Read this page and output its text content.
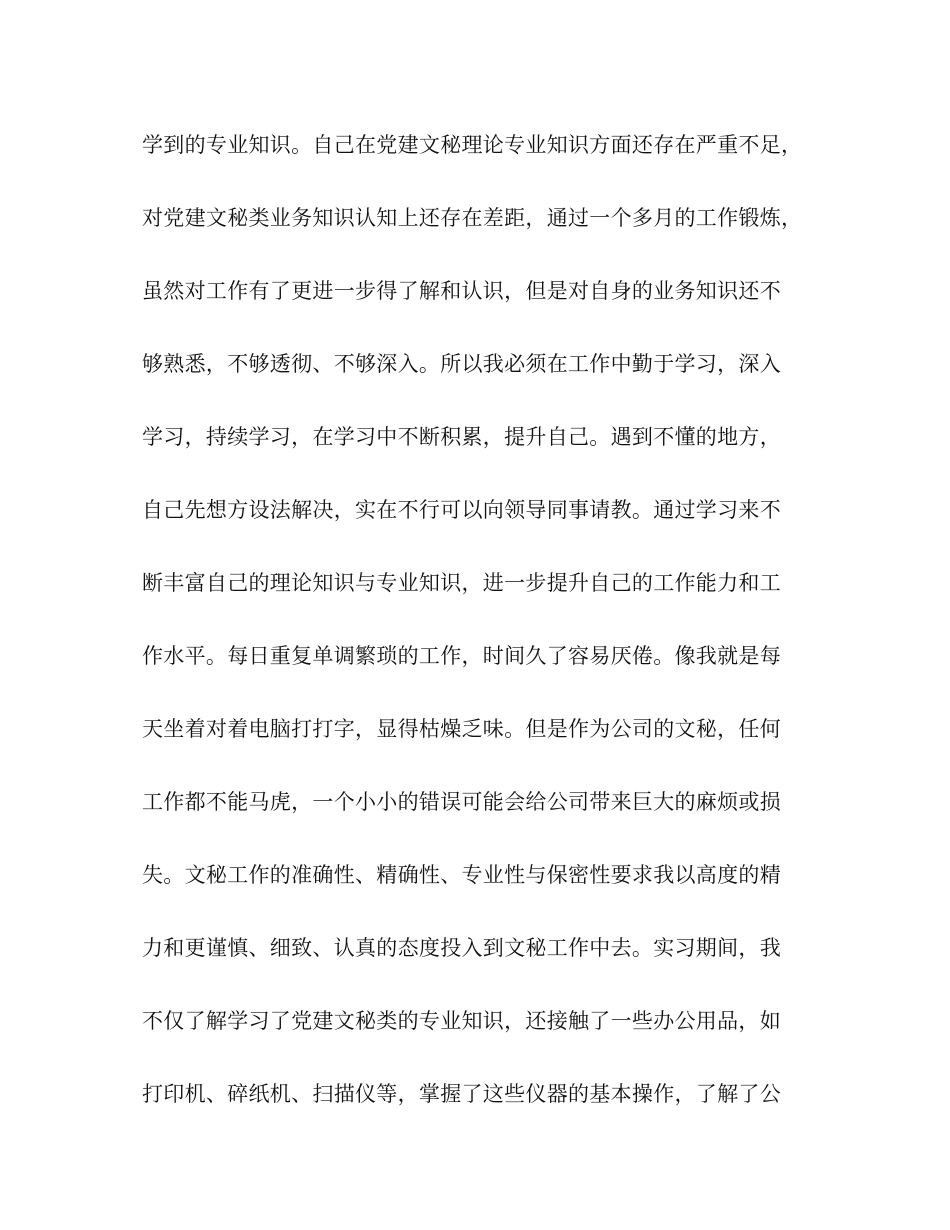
学到的专业知识。自己在党建文秘理论专业知识方面还存在严重不足，
对党建文秘类业务知识认知上还存在差距，通过一个多月的工作锻炼，
虽然对工作有了更进一步得了解和认识，但是对自身的业务知识还不
够熟悉，不够透彻、不够深入。所以我必须在工作中勤于学习，深入
学习，持续学习，在学习中不断积累，提升自己。遇到不懂的地方，
自己先想方设法解决，实在不行可以向领导同事请教。通过学习来不
断丰富自己的理论知识与专业知识，进一步提升自己的工作能力和工
作水平。每日重复单调繁琐的工作，时间久了容易厌倦。像我就是每
天坐着对着电脑打打字，显得枯燥乏味。但是作为公司的文秘，任何
工作都不能马虎，一个小小的错误可能会给公司带来巨大的麻烦或损
失。文秘工作的准确性、精确性、专业性与保密性要求我以高度的精
力和更谨慎、细致、认真的态度投入到文秘工作中去。实习期间，我
不仅了解学习了党建文秘类的专业知识，还接触了一些办公用品，如
打印机、碎纸机、扫描仪等，掌握了这些仪器的基本操作，了解了公
